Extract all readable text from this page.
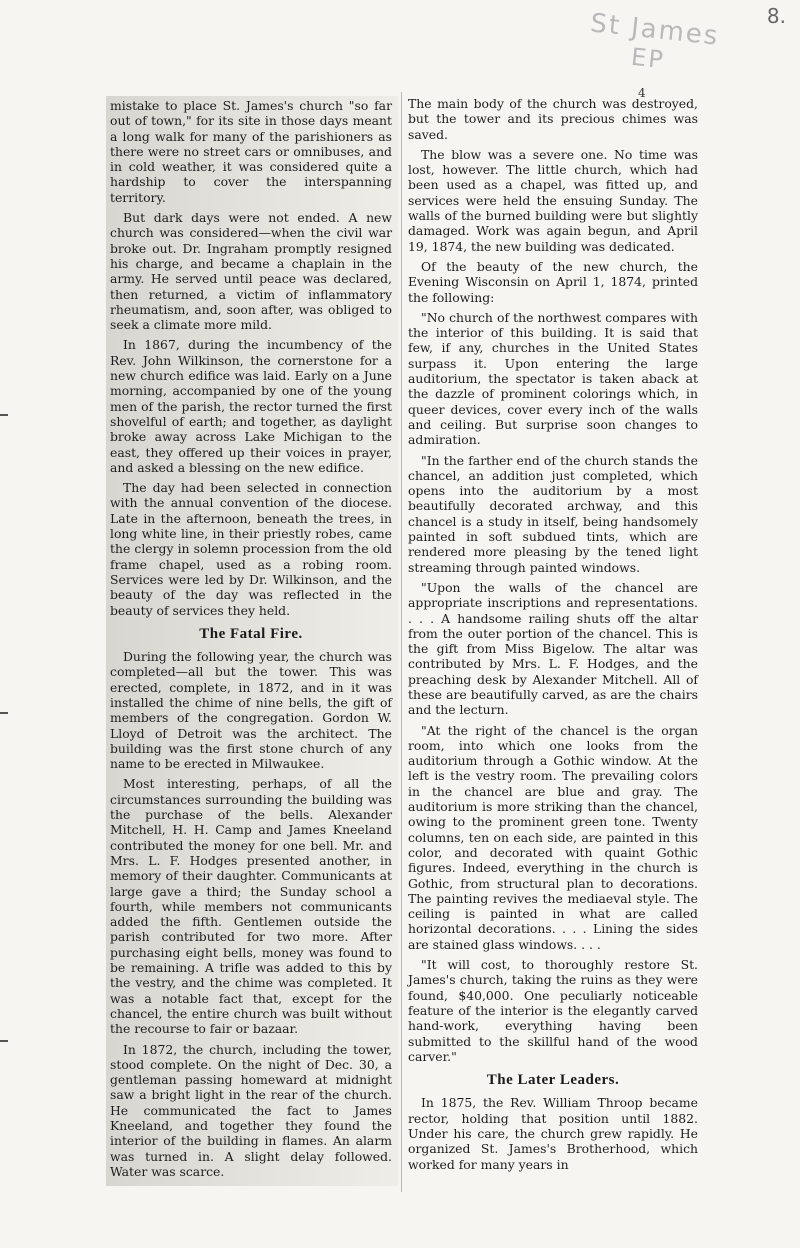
8.
St James
EP
4

mistake to place St. James's church "so far out of town," for its site in those days meant a long walk for many of the parishioners as there were no street cars or omnibuses, and in cold weather, it was considered quite a hardship to cover the interspanning territory.

But dark days were not ended. A new church was considered—when the civil war broke out. Dr. Ingraham promptly resigned his charge, and became a chaplain in the army. He served until peace was declared, then returned, a victim of inflammatory rheumatism, and, soon after, was obliged to seek a climate more mild.

In 1867, during the incumbency of the Rev. John Wilkinson, the cornerstone for a new church edifice was laid. Early on a June morning, accompanied by one of the young men of the parish, the rector turned the first shovelful of earth; and together, as daylight broke away across Lake Michigan to the east, they offered up their voices in prayer, and asked a blessing on the new edifice.

The day had been selected in connection with the annual convention of the diocese. Late in the afternoon, beneath the trees, in long white line, in their priestly robes, came the clergy in solemn procession from the old frame chapel, used as a robing room. Services were led by Dr. Wilkinson, and the beauty of the day was reflected in the beauty of services they held.

The Fatal Fire.

During the following year, the church was completed—all but the tower. This was erected, complete, in 1872, and in it was installed the chime of nine bells, the gift of members of the congregation. Gordon W. Lloyd of Detroit was the architect. The building was the first stone church of any name to be erected in Milwaukee.

Most interesting, perhaps, of all the circumstances surrounding the building was the purchase of the bells. Alexander Mitchell, H. H. Camp and James Kneeland contributed the money for one bell. Mr. and Mrs. L. F. Hodges presented another, in memory of their daughter. Communicants at large gave a third; the Sunday school a fourth, while members not communicants added the fifth. Gentlemen outside the parish contributed for two more. After purchasing eight bells, money was found to be remaining. A trifle was added to this by the vestry, and the chime was completed. It was a notable fact that, except for the chancel, the entire church was built without the recourse to fair or bazaar.

In 1872, the church, including the tower, stood complete. On the night of Dec. 30, a gentleman passing homeward at midnight saw a bright light in the rear of the church. He communicated the fact to James Kneeland, and together they found the interior of the building in flames. An alarm was turned in. A slight delay followed. Water was scarce.

The main body of the church was destroyed, but the tower and its precious chimes was saved.

The blow was a severe one. No time was lost, however. The little church, which had been used as a chapel, was fitted up, and services were held the ensuing Sunday. The walls of the burned building were but slightly damaged. Work was again begun, and April 19, 1874, the new building was dedicated.

Of the beauty of the new church, the Evening Wisconsin on April 1, 1874, printed the following:

"No church of the northwest compares with the interior of this building. It is said that few, if any, churches in the United States surpass it. Upon entering the large auditorium, the spectator is taken aback at the dazzle of prominent colorings which, in queer devices, cover every inch of the walls and ceiling. But surprise soon changes to admiration.

"In the farther end of the church stands the chancel, an addition just completed, which opens into the auditorium by a most beautifully decorated archway, and this chancel is a study in itself, being handsomely painted in soft subdued tints, which are rendered more pleasing by the tened light streaming through painted windows.

"Upon the walls of the chancel are appropriate inscriptions and representations. . . . A handsome railing shuts off the altar from the outer portion of the chancel. This is the gift from Miss Bigelow. The altar was contributed by Mrs. L. F. Hodges, and the preaching desk by Alexander Mitchell. All of these are beautifully carved, as are the chairs and the lecturn.

"At the right of the chancel is the organ room, into which one looks from the auditorium through a Gothic window. At the left is the vestry room. The prevailing colors in the chancel are blue and gray. The auditorium is more striking than the chancel, owing to the prominent green tone. Twenty columns, ten on each side, are painted in this color, and decorated with quaint Gothic figures. Indeed, everything in the church is Gothic, from structural plan to decorations. The painting revives the mediaeval style. The ceiling is painted in what are called horizontal decorations. . . . Lining the sides are stained glass windows. . . .

"It will cost, to thoroughly restore St. James's church, taking the ruins as they were found, $40,000. One peculiarly noticeable feature of the interior is the elegantly carved hand-work, everything having been submitted to the skillful hand of the wood carver."

The Later Leaders.

In 1875, the Rev. William Throop became rector, holding that position until 1882. Under his care, the church grew rapidly. He organized St. James's Brotherhood, which worked for many years in
